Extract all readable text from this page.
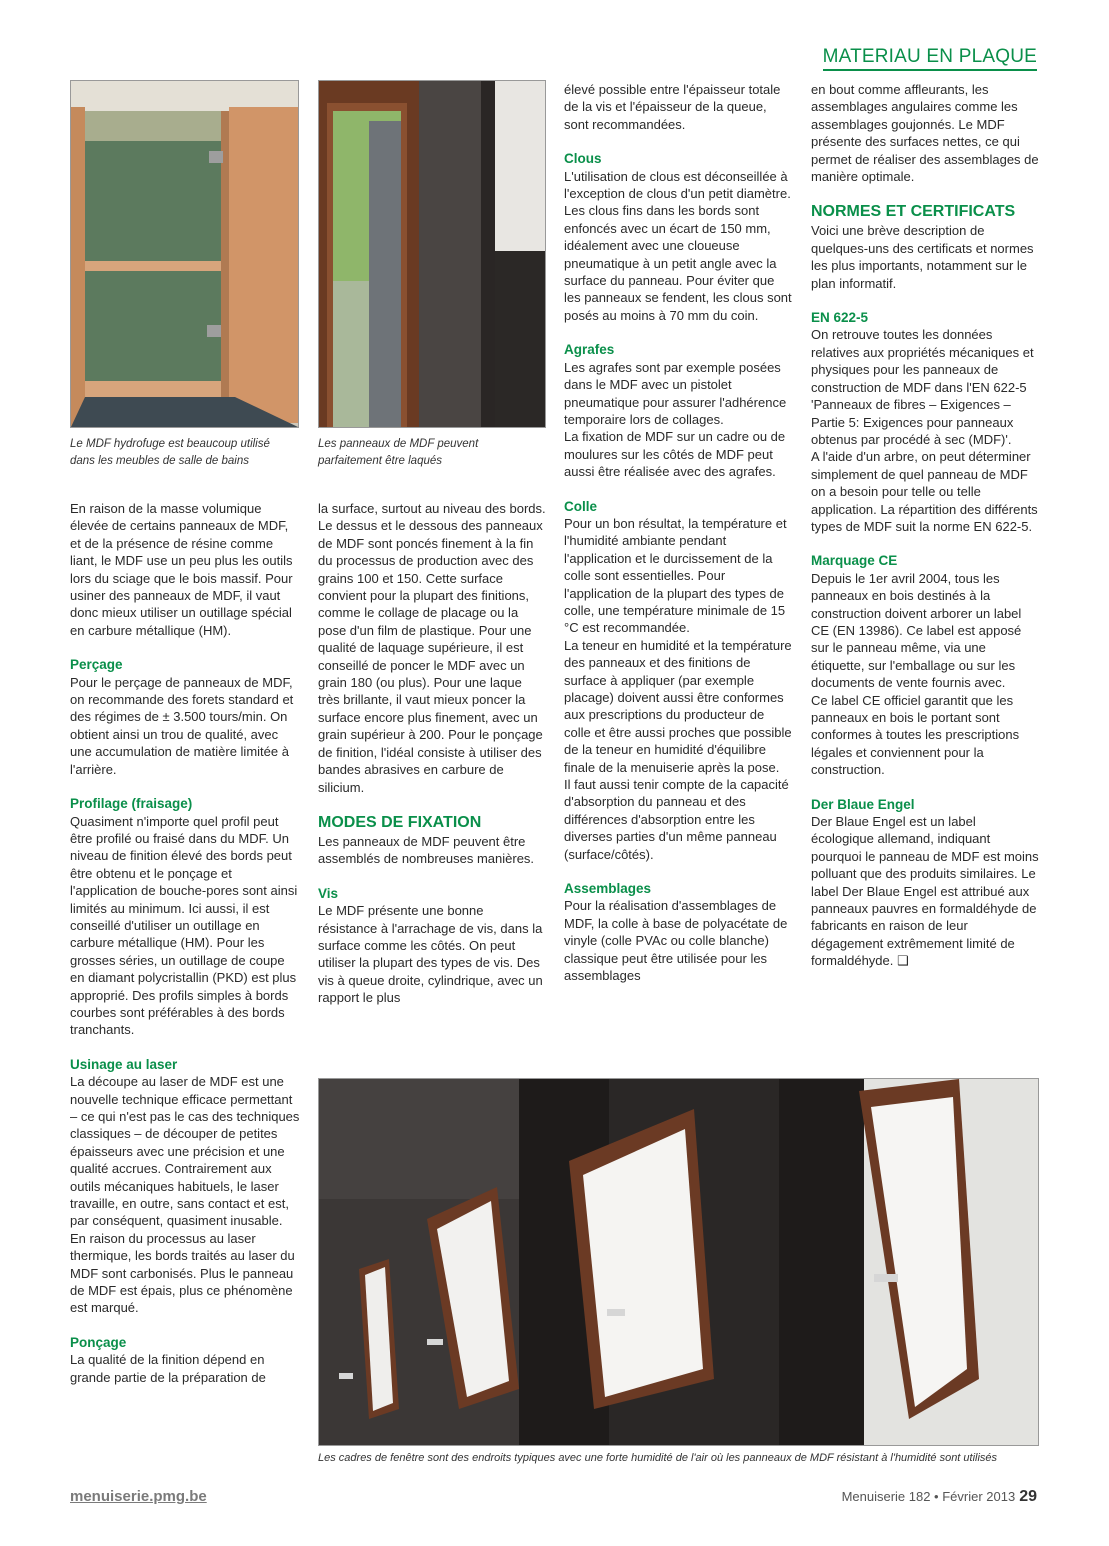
MATERIAU EN PLAQUE
Le MDF hydrofuge est beaucoup utilisé dans les meubles de salle de bains
Les panneaux de MDF peuvent parfaitement être laqués

En raison de la masse volumique élevée de certains panneaux de MDF, et de la présence de résine comme liant, le MDF use un peu plus les outils lors du sciage que le bois massif. Pour usiner des panneaux de MDF, il vaut donc mieux utiliser un outillage spécial en carbure métallique (HM).

Perçage

Pour le perçage de panneaux de MDF, on recommande des forets standard et des régimes de ± 3.500 tours/min. On obtient ainsi un trou de qualité, avec une accumulation de matière limitée à l'arrière.

Profilage (fraisage)

Quasiment n'importe quel profil peut être profilé ou fraisé dans du MDF. Un niveau de finition élevé des bords peut être obtenu et le ponçage et l'application de bouche-pores sont ainsi limités au minimum. Ici aussi, il est conseillé d'utiliser un outillage en carbure métallique (HM). Pour les grosses séries, un outillage de coupe en diamant polycristallin (PKD) est plus approprié. Des profils simples à bords courbes sont préférables à des bords tranchants.

Usinage au laser

La découpe au laser de MDF est une nouvelle technique efficace permettant – ce qui n'est pas le cas des techniques classiques – de découper de petites épaisseurs avec une précision et une qualité accrues. Contrairement aux outils mécaniques habituels, le laser travaille, en outre, sans contact et est, par conséquent, quasiment inusable. En raison du processus au laser thermique, les bords traités au laser du MDF sont carbonisés. Plus le panneau de MDF est épais, plus ce phénomène est marqué.

Ponçage

La qualité de la finition dépend en grande partie de la préparation de

la surface, surtout au niveau des bords. Le dessus et le dessous des panneaux de MDF sont poncés finement à la fin du processus de production avec des grains 100 et 150. Cette surface convient pour la plupart des finitions, comme le collage de placage ou la pose d'un film de plastique. Pour une qualité de laquage supérieure, il est conseillé de poncer le MDF avec un grain 180 (ou plus). Pour une laque très brillante, il vaut mieux poncer la surface encore plus finement, avec un grain supérieur à 200. Pour le ponçage de finition, l'idéal consiste à utiliser des bandes abrasives en carbure de silicium.

MODES DE FIXATION

Les panneaux de MDF peuvent être assemblés de nombreuses manières.

Vis

Le MDF présente une bonne résistance à l'arrachage de vis, dans la surface comme les côtés. On peut utiliser la plupart des types de vis. Des vis à queue droite, cylindrique, avec un rapport le plus

élevé possible entre l'épaisseur totale de la vis et l'épaisseur de la queue, sont recommandées.

Clous

L'utilisation de clous est déconseillée à l'exception de clous d'un petit diamètre. Les clous fins dans les bords sont enfoncés avec un écart de 150 mm, idéalement avec une cloueuse pneumatique à un petit angle avec la surface du panneau. Pour éviter que les panneaux se fendent, les clous sont posés au moins à 70 mm du coin.

Agrafes

Les agrafes sont par exemple posées dans le MDF avec un pistolet pneumatique pour assurer l'adhérence temporaire lors de collages.

La fixation de MDF sur un cadre ou de moulures sur les côtés de MDF peut aussi être réalisée avec des agrafes.

Colle

Pour un bon résultat, la température et l'humidité ambiante pendant l'application et le durcissement de la colle sont essentielles. Pour l'application de la plupart des types de colle, une température minimale de 15 °C est recommandée.

La teneur en humidité et la température des panneaux et des finitions de surface à appliquer (par exemple placage) doivent aussi être conformes aux prescriptions du producteur de colle et être aussi proches que possible de la teneur en humidité d'équilibre finale de la menuiserie après la pose.

Il faut aussi tenir compte de la capacité d'absorption du panneau et des différences d'absorption entre les diverses parties d'un même panneau (surface/côtés).

Assemblages

Pour la réalisation d'assemblages de MDF, la colle à base de polyacétate de vinyle (colle PVAc ou colle blanche) classique peut être utilisée pour les assemblages

en bout comme affleurants, les assemblages angulaires comme les assemblages goujonnés. Le MDF présente des surfaces nettes, ce qui permet de réaliser des assemblages de manière optimale.

NORMES ET CERTIFICATS

Voici une brève description de quelques-uns des certificats et normes les plus importants, notamment sur le plan informatif.

EN 622-5

On retrouve toutes les données relatives aux propriétés mécaniques et physiques pour les panneaux de construction de MDF dans l'EN 622-5 'Panneaux de fibres – Exigences – Partie 5: Exigences pour panneaux obtenus par procédé à sec (MDF)'.

A l'aide d'un arbre, on peut déterminer simplement de quel panneau de MDF on a besoin pour telle ou telle application. La répartition des différents types de MDF suit la norme EN 622-5.

Marquage CE

Depuis le 1er avril 2004, tous les panneaux en bois destinés à la construction doivent arborer un label CE (EN 13986). Ce label est apposé sur le panneau même, via une étiquette, sur l'emballage ou sur les documents de vente fournis avec.

Ce label CE officiel garantit que les panneaux en bois le portant sont conformes à toutes les prescriptions légales et conviennent pour la construction.

Der Blaue Engel

Der Blaue Engel est un label écologique allemand, indiquant pourquoi le panneau de MDF est moins polluant que des produits similaires. Le label Der Blaue Engel est attribué aux panneaux pauvres en formaldéhyde de fabricants en raison de leur dégagement extrêmement limité de formaldéhyde. ❑

Les cadres de fenêtre sont des endroits typiques avec une forte humidité de l'air où les panneaux de MDF résistant à l'humidité sont utilisés
menuiserie.pmg.be	Menuiserie 182 • Février 2013 29
